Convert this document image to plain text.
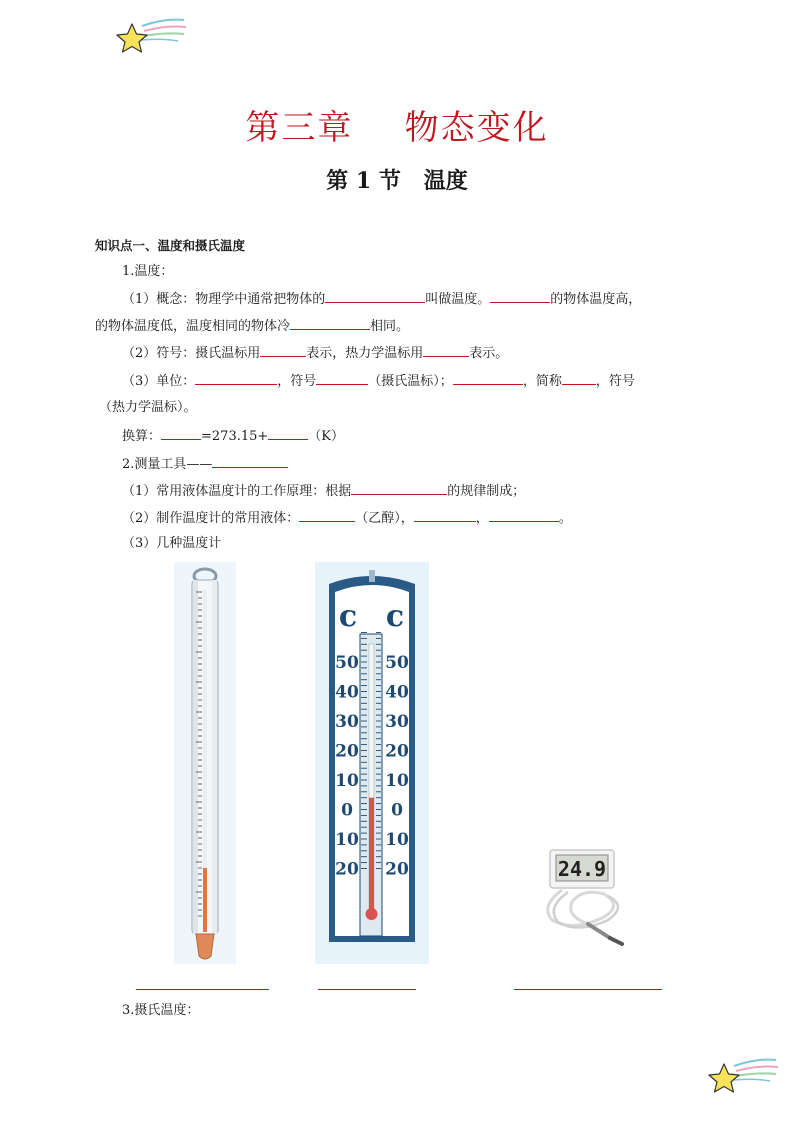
第三章    物态变化
第 1 节   温度
知识点一、温度和摄氏温度
1.温度：
（1）概念：物理学中通常把物体的	叫做温度。	的物体温度高，
的物体温度低，温度相同的物体冷	相同。
（2）符号：摄氏温标用	表示，热力学温标用	表示。
（3）单位：	，符号	（摄氏温标）；	，简称	，符号
（热力学温标）。
换算：	=273.15+	（K）
2.测量工具——
（1）常用液体温度计的工作原理：根据	的规律制成；
（2）制作温度计的常用液体：	（乙醇），	，	。
（3）几种温度计
c c
50
40
30
20
10
0
10
20
50
40
30
20
10
0
10
20	24.9
3.摄氏温度：
